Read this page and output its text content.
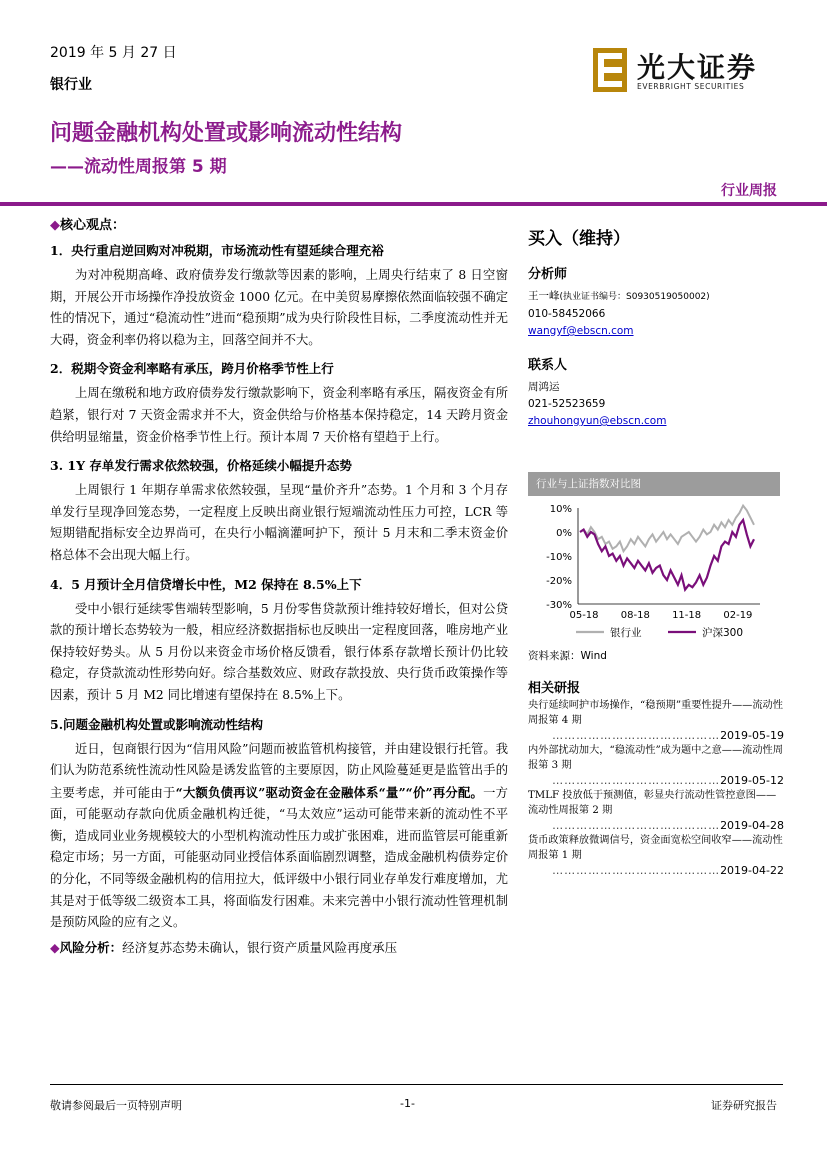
2019 年 5 月 27 日
银行业
光大证券
EVERBRIGHT SECURITIES
问题金融机构处置或影响流动性结构
——流动性周报第 5 期
行业周报
◆核心观点：
1．央行重启逆回购对冲税期，市场流动性有望延续合理充裕
为对冲税期高峰、政府债券发行缴款等因素的影响，上周央行结束了 8 日空窗期，开展公开市场操作净投放资金 1000 亿元。在中美贸易摩擦依然面临较强不确定性的情况下，通过“稳流动性”进而“稳预期”成为央行阶段性目标，二季度流动性并无大碍，资金利率仍将以稳为主，回落空间并不大。
2．税期令资金利率略有承压，跨月价格季节性上行
上周在缴税和地方政府债券发行缴款影响下，资金利率略有承压，隔夜资金有所趋紧，银行对 7 天资金需求并不大，资金供给与价格基本保持稳定，14 天跨月资金供给明显缩量，资金价格季节性上行。预计本周 7 天价格有望趋于上行。
3. 1Y 存单发行需求依然较强，价格延续小幅提升态势
上周银行 1 年期存单需求依然较强，呈现“量价齐升”态势。1 个月和 3 个月存单发行呈现净回笼态势，一定程度上反映出商业银行短端流动性压力可控，LCR 等短期错配指标安全边界尚可，在央行小幅滴灌呵护下，预计 5 月末和二季末资金价格总体不会出现大幅上行。
4．5 月预计全月信贷增长中性，M2 保持在 8.5%上下
受中小银行延续零售端转型影响，5 月份零售贷款预计维持较好增长，但对公贷款的预计增长态势较为一般，相应经济数据指标也反映出一定程度回落，唯房地产业保持较好势头。从 5 月份以来资金市场价格反馈看，银行体系存款增长预计仍比较稳定，存贷款流动性形势向好。综合基数效应、财政存款投放、央行货币政策操作等因素，预计 5 月 M2 同比增速有望保持在 8.5%上下。
5.问题金融机构处置或影响流动性结构
近日，包商银行因为“信用风险”问题而被监管机构接管，并由建设银行托管。我们认为防范系统性流动性风险是诱发监管的主要原因，防止风险蔓延更是监管出手的主要考虑，并可能由于“大额负债再议”驱动资金在金融体系“量”“价”再分配。一方面，可能驱动存款向优质金融机构迁徙，“马太效应”运动可能带来新的流动性不平衡，造成同业业务规模较大的小型机构流动性压力或扩张困难，进而监管层可能重新稳定市场；另一方面，可能驱动同业授信体系面临剧烈调整，造成金融机构债券定价的分化，不同等级金融机构的信用拉大，低评级中小银行同业存单发行难度增加，尤其是对于低等级二级资本工具，将面临发行困难。未来完善中小银行流动性管理机制是预防风险的应有之义。
◆风险分析：经济复苏态势未确认，银行资产质量风险再度承压
买入（维持）
分析师
王一峰(执业证书编号：S0930519050002)
010-58452066
wangyf@ebscn.com
联系人
周鸿运
021-52523659
zhouhongyun@ebscn.com
行业与上证指数对比图
10%
0%
-10%
-20%
-30%
05-18 08-18 11-18 02-19
银行业	沪深300
资料来源：Wind
相关研报
央行延续呵护市场操作，“稳预期”重要性提升——流动性周报第 4 期
……………………………………2019-05-19
内外部扰动加大，“稳流动性”成为题中之意——流动性周报第 3 期
……………………………………2019-05-12
TMLF 投放低于预测值，彰显央行流动性管控意图——流动性周报第 2 期
……………………………………2019-04-28
货币政策释放微调信号，资金面宽松空间收窄——流动性周报第 1 期
……………………………………2019-04-22
敬请参阅最后一页特别声明	-1-	证券研究报告
